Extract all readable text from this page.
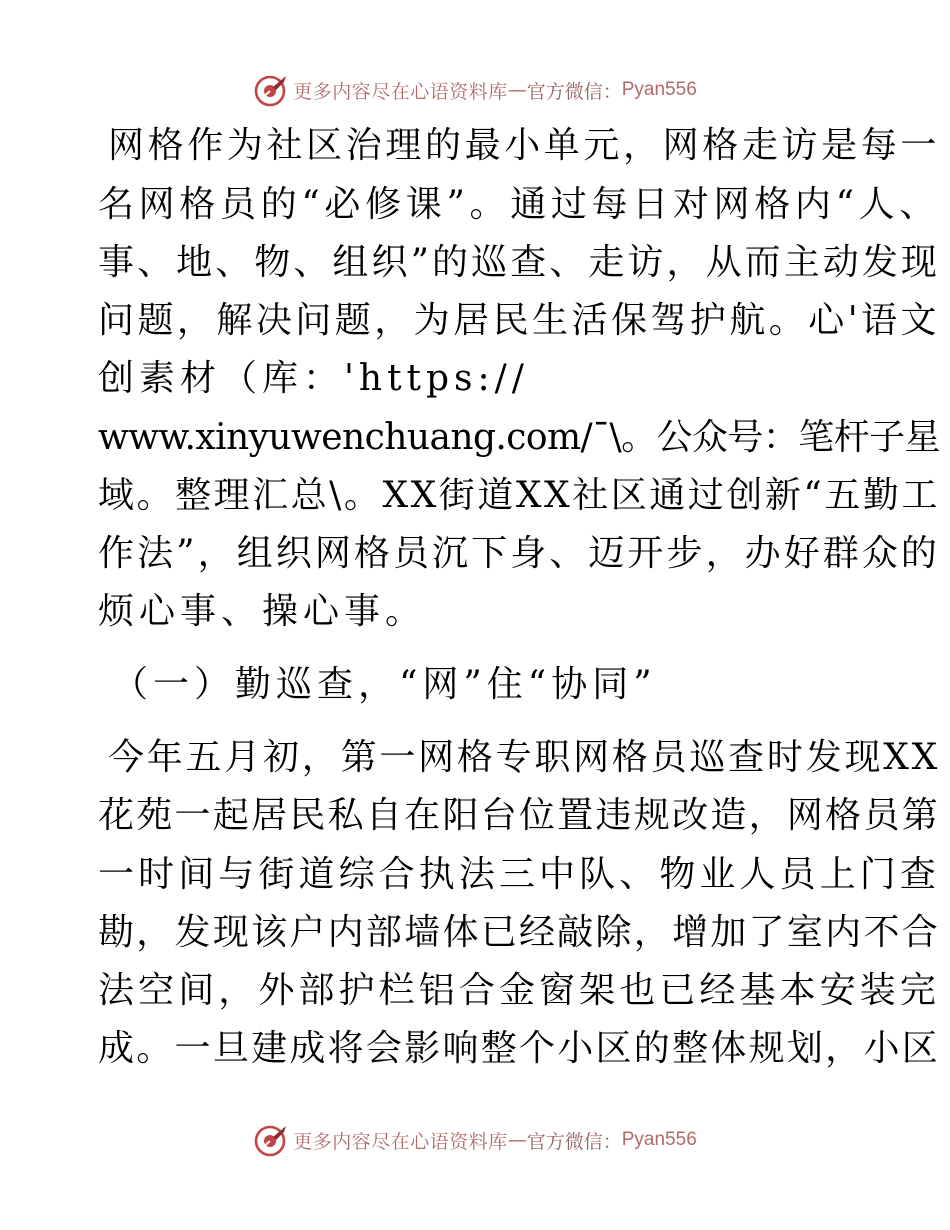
更多内容尽在心语资料库 — 官方微信： Pyan556
网格作为社区治理的最小单元，网格走访是每一
名网格员的“必修课”。通过每日对网格内“人、
事、地、物、组织”的巡查、走访，从而主动发现
问题，解决问题，为居民生活保驾护航。心'语文
创素材（库：'https://
www.xinyuwenchuang.com/¯\。公众号：笔杆子星
域。整理汇总\。XX街道XX社区通过创新“五勤工
作法”，组织网格员沉下身、迈开步，办好群众的
烦心事、操心事。
（一）勤巡查，“网”住“协同”
今年五月初，第一网格专职网格员巡查时发现XX
花苑一起居民私自在阳台位置违规改造，网格员第
一时间与街道综合执法三中队、物业人员上门查
勘，发现该户内部墙体已经敲除，增加了室内不合
法空间，外部护栏铝合金窗架也已经基本安装完
成。一旦建成将会影响整个小区的整体规划，小区
更多内容尽在心语资料库 — 官方微信： Pyan556
